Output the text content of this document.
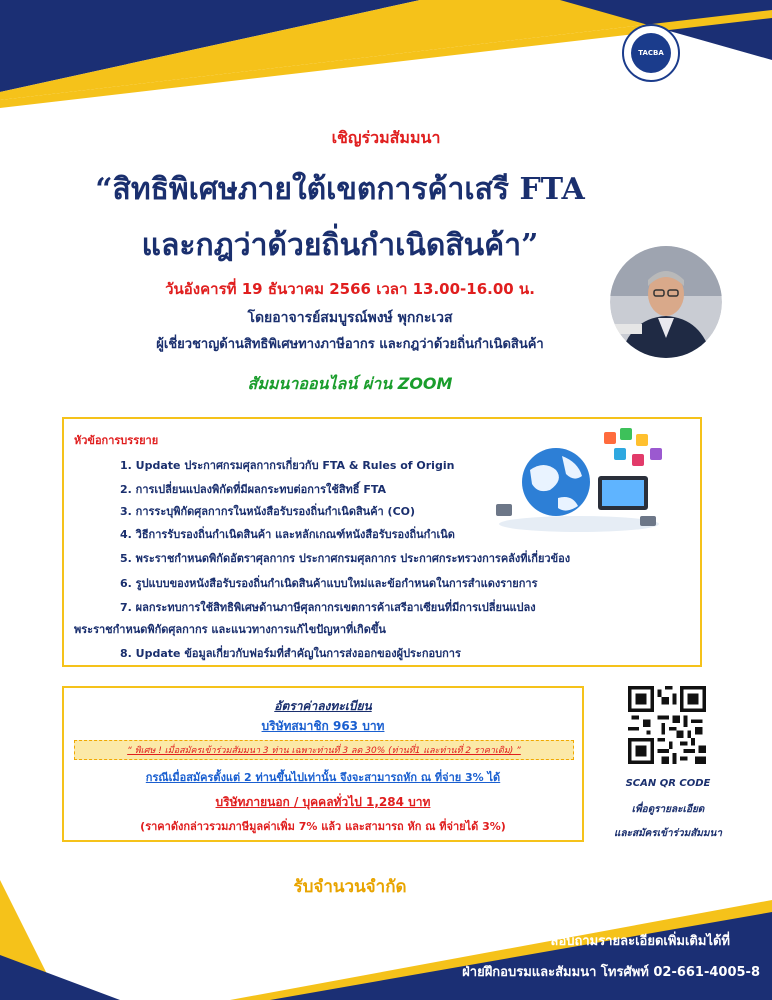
TACBA
เชิญร่วมสัมมนา
“สิทธิพิเศษภายใต้เขตการค้าเสรี FTA
และกฎว่าด้วยถิ่นกำเนิดสินค้า”
วันอังคารที่ 19 ธันวาคม 2566 เวลา 13.00-16.00 น.
โดยอาจารย์สมบูรณ์พงษ์ พุกกะเวส
ผู้เชี่ยวชาญด้านสิทธิพิเศษทางภาษีอากร และกฎว่าด้วยถิ่นกำเนิดสินค้า
สัมมนาออนไลน์ ผ่าน ZOOM
หัวข้อการบรรยาย
1. Update ประกาศกรมศุลกากรเกี่ยวกับ FTA & Rules of Origin
2. การเปลี่ยนแปลงพิกัดที่มีผลกระทบต่อการใช้สิทธิ์ FTA
3. การระบุพิกัดศุลกากรในหนังสือรับรองถิ่นกำเนิดสินค้า (CO)
4. วิธีการรับรองถิ่นกำเนิดสินค้า และหลักเกณฑ์หนังสือรับรองถิ่นกำเนิด
5. พระราชกำหนดพิกัดอัตราศุลกากร ประกาศกรมศุลกากร ประกาศกระทรวงการคลังที่เกี่ยวข้อง
6. รูปแบบของหนังสือรับรองถิ่นกำเนิดสินค้าแบบใหม่และข้อกำหนดในการสำแดงรายการ
7. ผลกระทบการใช้สิทธิพิเศษด้านภาษีศุลกากรเขตการค้าเสรีอาเซียนที่มีการเปลี่ยนแปลง
พระราชกำหนดพิกัดศุลกากร และแนวทางการแก้ไขปัญหาที่เกิดขึ้น
8. Update ข้อมูลเกี่ยวกับฟอร์มที่สำคัญในการส่งออกของผู้ประกอบการ
อัตราค่าลงทะเบียน
บริษัทสมาชิก 963 บาท
“ พิเศษ ! เมื่อสมัครเข้าร่วมสัมมนา 3 ท่าน เฉพาะท่านที่ 3 ลด 30% (ท่านที่1 และท่านที่ 2 ราคาเดิม) ”
กรณีเมื่อสมัครตั้งแต่ 2 ท่านขึ้นไปเท่านั้น จึงจะสามารถหัก ณ ที่จ่าย 3% ได้
บริษัทภายนอก / บุคคลทั่วไป 1,284 บาท
(ราคาดังกล่าวรวมภาษีมูลค่าเพิ่ม 7% แล้ว และสามารถ หัก ณ ที่จ่ายได้ 3%)
SCAN QR CODE
เพื่อดูรายละเอียด
และสมัครเข้าร่วมสัมมนา
รับจำนวนจำกัด
สอบถามรายละเอียดเพิ่มเติมได้ที่
ฝ่ายฝึกอบรมและสัมมนา โทรศัพท์ 02-661-4005-8
